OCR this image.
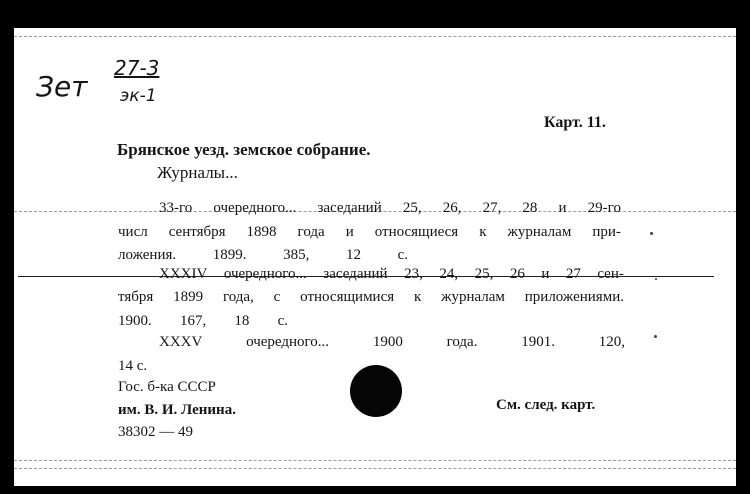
Зет
27-3
эк-1
Карт. 11.
Брянское уезд. земское собрание.
Журналы...
33-го очередного... заседаний 25, 26, 27, 28 и 29-го
числ сентября 1898 года и относящиеся к журналам при-
ложения. 1899. 385, 12 с.
XXXIV очередного... заседаний 23, 24, 25, 26 и 27 сен-
тября 1899 года, с относящимися к журналам приложениями.
1900. 167, 18 с.
XXXV	очередного...	1900	года.	1901.	120,
14 с.
Гос. б-ка СССР
им. В. И. Ленина.
38302 — 49
См. след. карт.
